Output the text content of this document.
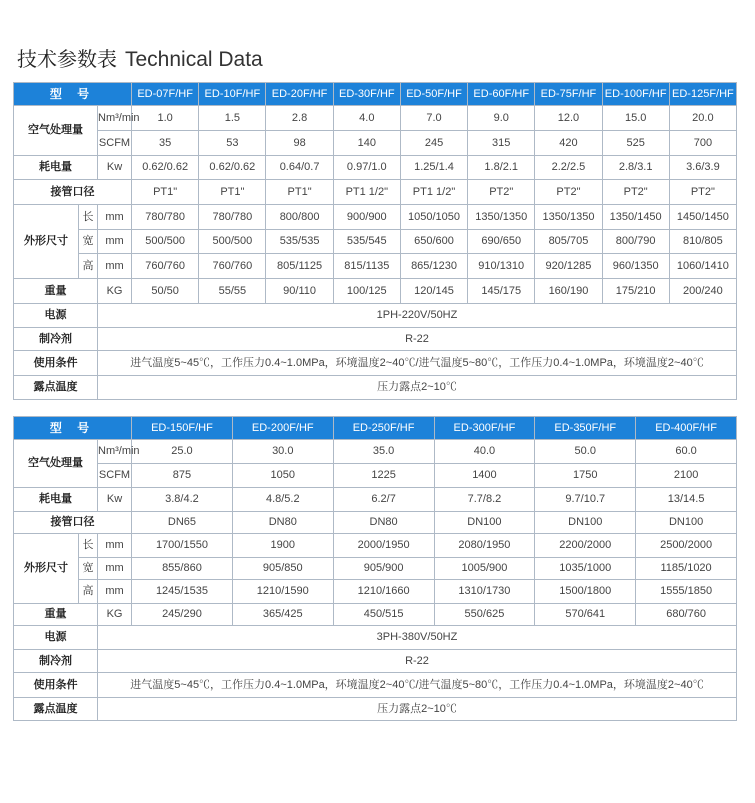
技术参数表 Technical Data
型 号			ED-07F/HF	ED-10F/HF	ED-20F/HF	ED-30F/HF	ED-50F/HF	ED-60F/HF	ED-75F/HF	ED-100F/HF	ED-125F/HF
空气处理量		Nm³/min	1.0	1.5	2.8	4.0	7.0	9.0	12.0	15.0	20.0
		SCFM	35	53	98	140	245	315	420	525	700
耗电量		Kw	0.62/0.62	0.62/0.62	0.64/0.7	0.97/1.0	1.25/1.4	1.8/2.1	2.2/2.5	2.8/3.1	3.6/3.9
接管口径			PT1"	PT1"	PT1"	PT1 1/2"	PT1 1/2"	PT2"	PT2"	PT2"	PT2"
外形尺寸	长	mm	780/780	780/780	800/800	900/900	1050/1050	1350/1350	1350/1350	1350/1450	1450/1450
	宽	mm	500/500	500/500	535/535	535/545	650/600	690/650	805/705	800/790	810/805
	高	mm	760/760	760/760	805/1125	815/1135	865/1230	910/1310	920/1285	960/1350	1060/1410
重量		KG	50/50	55/55	90/110	100/125	120/145	145/175	160/190	175/210	200/240
电源		1PH-220V/50HZ									
制冷剂		R-22									
使用条件		进气温度5~45℃，工作压力0.4~1.0MPa，环境温度2~40℃/进气温度5~80℃，工作压力0.4~1.0MPa，环境温度2~40℃									
露点温度		压力露点2~10℃									
型 号			ED-150F/HF	ED-200F/HF	ED-250F/HF	ED-300F/HF	ED-350F/HF	ED-400F/HF
空气处理量		Nm³/min	25.0	30.0	35.0	40.0	50.0	60.0
		SCFM	875	1050	1225	1400	1750	2100
耗电量		Kw	3.8/4.2	4.8/5.2	6.2/7	7.7/8.2	9.7/10.7	13/14.5
接管口径			DN65	DN80	DN80	DN100	DN100	DN100
外形尺寸	长	mm	1700/1550	1900	2000/1950	2080/1950	2200/2000	2500/2000
	宽	mm	855/860	905/850	905/900	1005/900	1035/1000	1185/1020
	高	mm	1245/1535	1210/1590	1210/1660	1310/1730	1500/1800	1555/1850
重量		KG	245/290	365/425	450/515	550/625	570/641	680/760
电源		3PH-380V/50HZ						
制冷剂		R-22						
使用条件		进气温度5~45℃，工作压力0.4~1.0MPa，环境温度2~40℃/进气温度5~80℃，工作压力0.4~1.0MPa，环境温度2~40℃						
露点温度		压力露点2~10℃						
